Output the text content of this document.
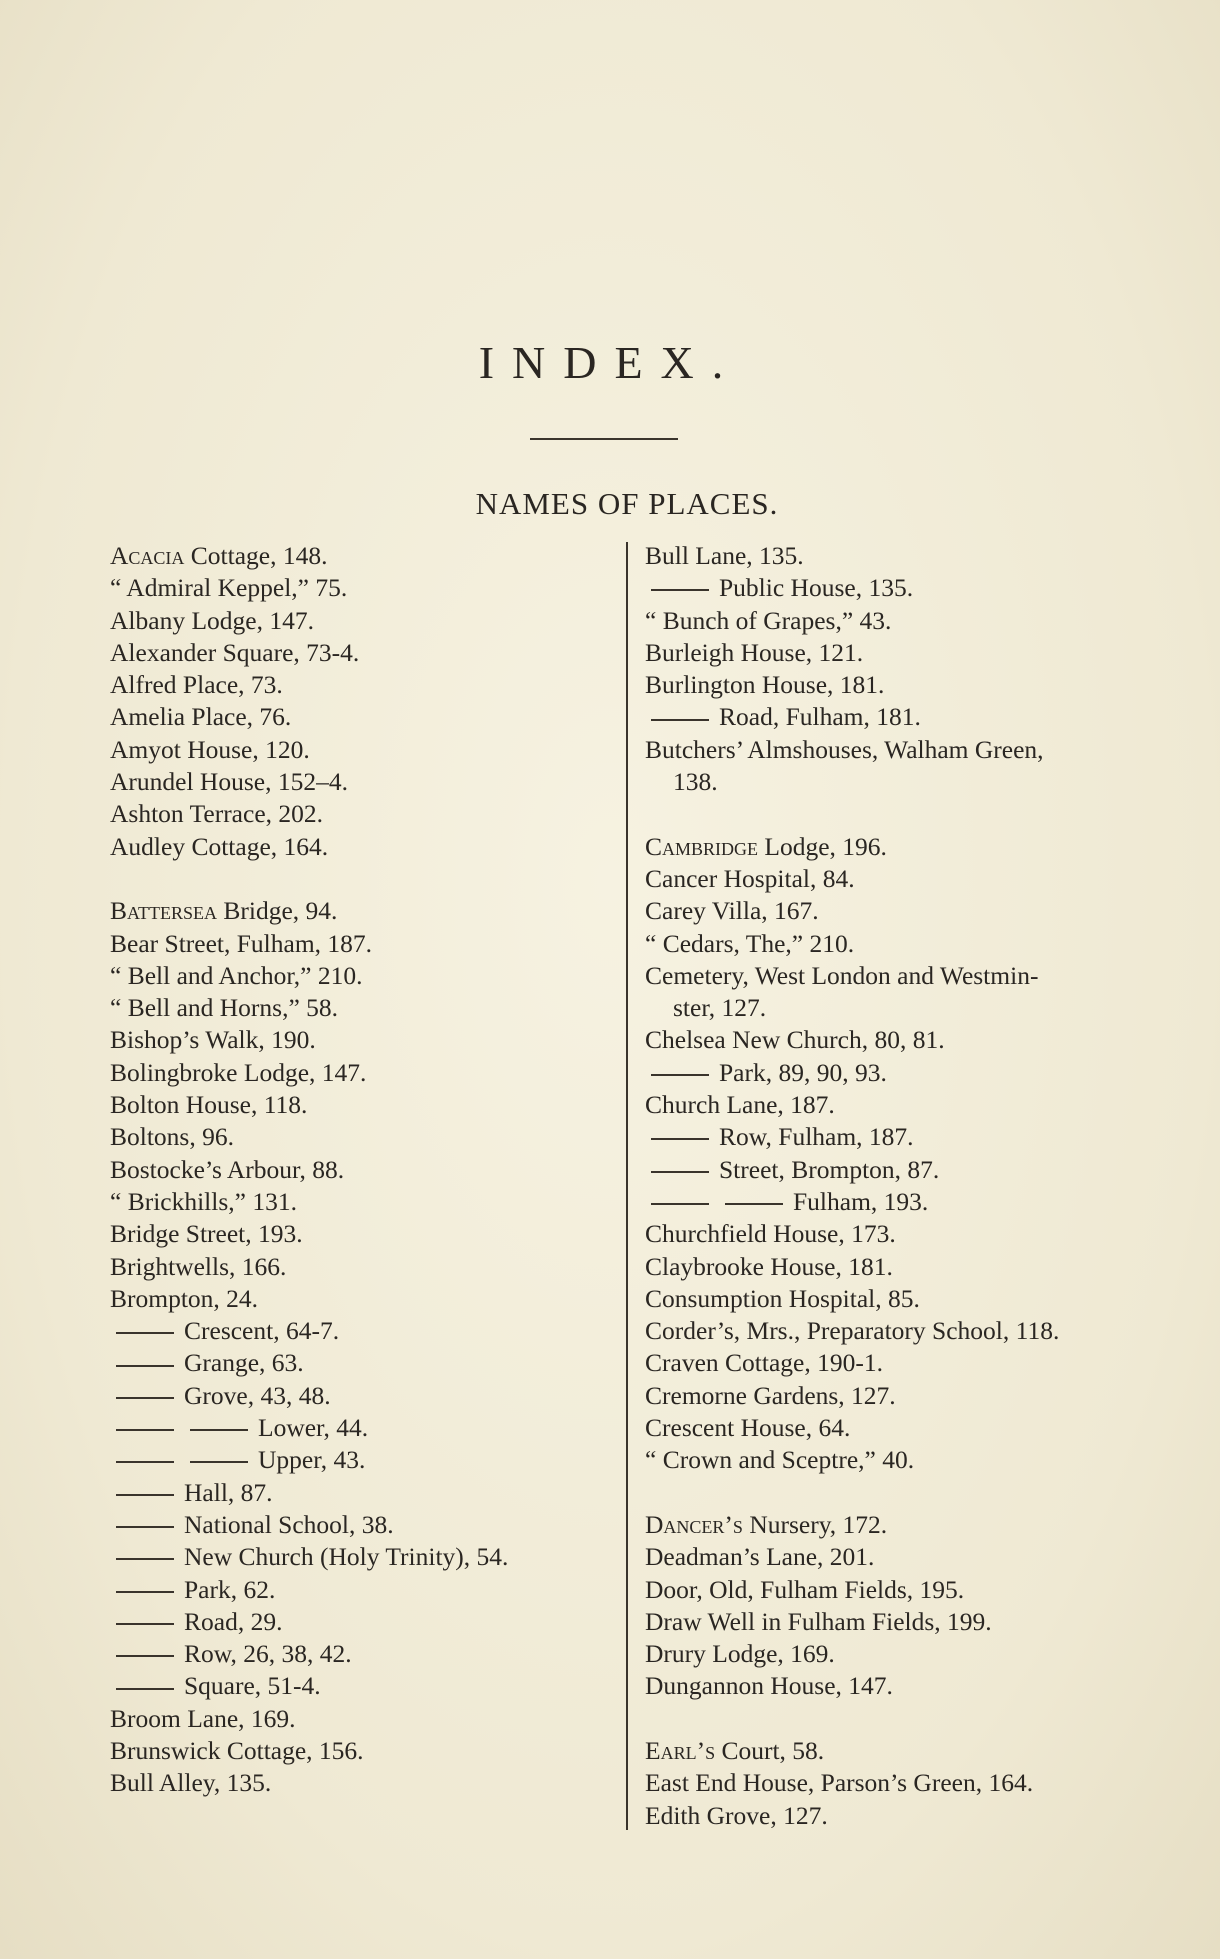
INDEX.
NAMES OF PLACES.
Acacia Cottage, 148.
“ Admiral Keppel,” 75.
Albany Lodge, 147.
Alexander Square, 73-4.
Alfred Place, 73.
Amelia Place, 76.
Amyot House, 120.
Arundel House, 152–4.
Ashton Terrace, 202.
Audley Cottage, 164.
Battersea Bridge, 94.
Bear Street, Fulham, 187.
“ Bell and Anchor,” 210.
“ Bell and Horns,” 58.
Bishop’s Walk, 190.
Bolingbroke Lodge, 147.
Bolton House, 118.
Boltons, 96.
Bostocke’s Arbour, 88.
“ Brickhills,” 131.
Bridge Street, 193.
Brightwells, 166.
Brompton, 24.
Crescent, 64-7.
Grange, 63.
Grove, 43, 48.
Lower, 44.
Upper, 43.
Hall, 87.
National School, 38.
New Church (Holy Trinity), 54.
Park, 62.
Road, 29.
Row, 26, 38, 42.
Square, 51-4.
Broom Lane, 169.
Brunswick Cottage, 156.
Bull Alley, 135.
Bull Lane, 135.
Public House, 135.
“ Bunch of Grapes,” 43.
Burleigh House, 121.
Burlington House, 181.
Road, Fulham, 181.
Butchers’ Almshouses, Walham Green,
138.
Cambridge Lodge, 196.
Cancer Hospital, 84.
Carey Villa, 167.
“ Cedars, The,” 210.
Cemetery, West London and Westmin-
ster, 127.
Chelsea New Church, 80, 81.
Park, 89, 90, 93.
Church Lane, 187.
Row, Fulham, 187.
Street, Brompton, 87.
Fulham, 193.
Churchfield House, 173.
Claybrooke House, 181.
Consumption Hospital, 85.
Corder’s, Mrs., Preparatory School, 118.
Craven Cottage, 190-1.
Cremorne Gardens, 127.
Crescent House, 64.
“ Crown and Sceptre,” 40.
Dancer’s Nursery, 172.
Deadman’s Lane, 201.
Door, Old, Fulham Fields, 195.
Draw Well in Fulham Fields, 199.
Drury Lodge, 169.
Dungannon House, 147.
Earl’s Court, 58.
East End House, Parson’s Green, 164.
Edith Grove, 127.
